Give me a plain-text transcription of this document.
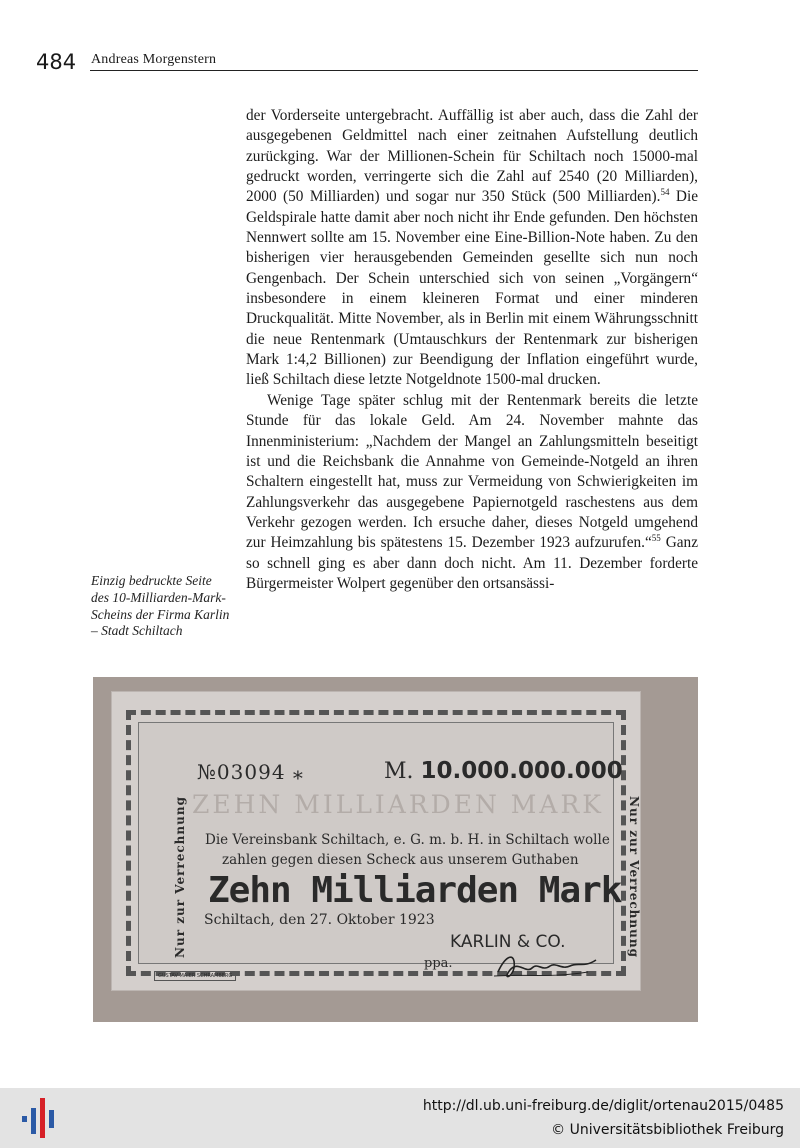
484 Andreas Morgenstern

der Vorderseite untergebracht. Auffällig ist aber auch, dass die Zahl der ausgegebenen Geldmittel nach einer zeitnahen Aufstellung deutlich zurückging. War der Millionen-Schein für Schiltach noch 15000-mal gedruckt worden, verringerte sich die Zahl auf 2540 (20 Milliarden), 2000 (50 Milliarden) und sogar nur 350 Stück (500 Milliarden).$^{54}$ Die Geldspirale hatte damit aber noch nicht ihr Ende gefunden. Den höchsten Nennwert sollte am 15. November eine Eine-Billion-Note haben. Zu den bisherigen vier herausgebenden Gemeinden gesellte sich nun noch Gengenbach. Der Schein unterschied sich von seinen „Vorgängern“ insbesondere in einem kleineren Format und einer minderen Druckqualität. Mitte November, als in Berlin mit einem Währungsschnitt die neue Rentenmark (Umtauschkurs der Rentenmark zur bisherigen Mark 1:4,2 Billionen) zur Beendigung der Inflation eingeführt wurde, ließ Schiltach diese letzte Notgeldnote 1500-mal drucken.

Wenige Tage später schlug mit der Rentenmark bereits die letzte Stunde für das lokale Geld. Am 24. November mahnte das Innenministerium: „Nachdem der Mangel an Zahlungsmitteln beseitigt ist und die Reichsbank die Annahme von Gemeinde-Notgeld an ihren Schaltern eingestellt hat, muss zur Vermeidung von Schwierigkeiten im Zahlungsverkehr das ausgegebene Papiernotgeld raschestens aus dem Verkehr gezogen werden. Ich ersuche daher, dieses Notgeld umgehend zur Heimzahlung bis spätestens 15. Dezember 1923 aufzurufen.“$^{55}$ Ganz so schnell ging es aber dann doch nicht. Am 11. Dezember forderte Bürgermeister Wolpert gegenüber den ortsansässi-

Einzig bedruckte Seite des 10-Milliarden-Mark-Scheins der Firma Karlin – Stadt Schiltach
ZEHN MILLIARDEN MARK
№03094 ⁎	M. 10.000.000.000
Die Vereinsbank Schiltach, e. G. m. b. H. in Schiltach wolle
zahlen gegen diesen Scheck aus unserem Guthaben
Zehn Milliarden Mark
Schiltach, den 27. Oktober 1923
KARLIN & CO.
ppa.
Nur zur Verrechnung	Nur zur Verrechnung
GUSTAV MAIER SCHRAMBERG
http://dl.ub.uni-freiburg.de/diglit/ortenau2015/0485
© Universitätsbibliothek Freiburg
